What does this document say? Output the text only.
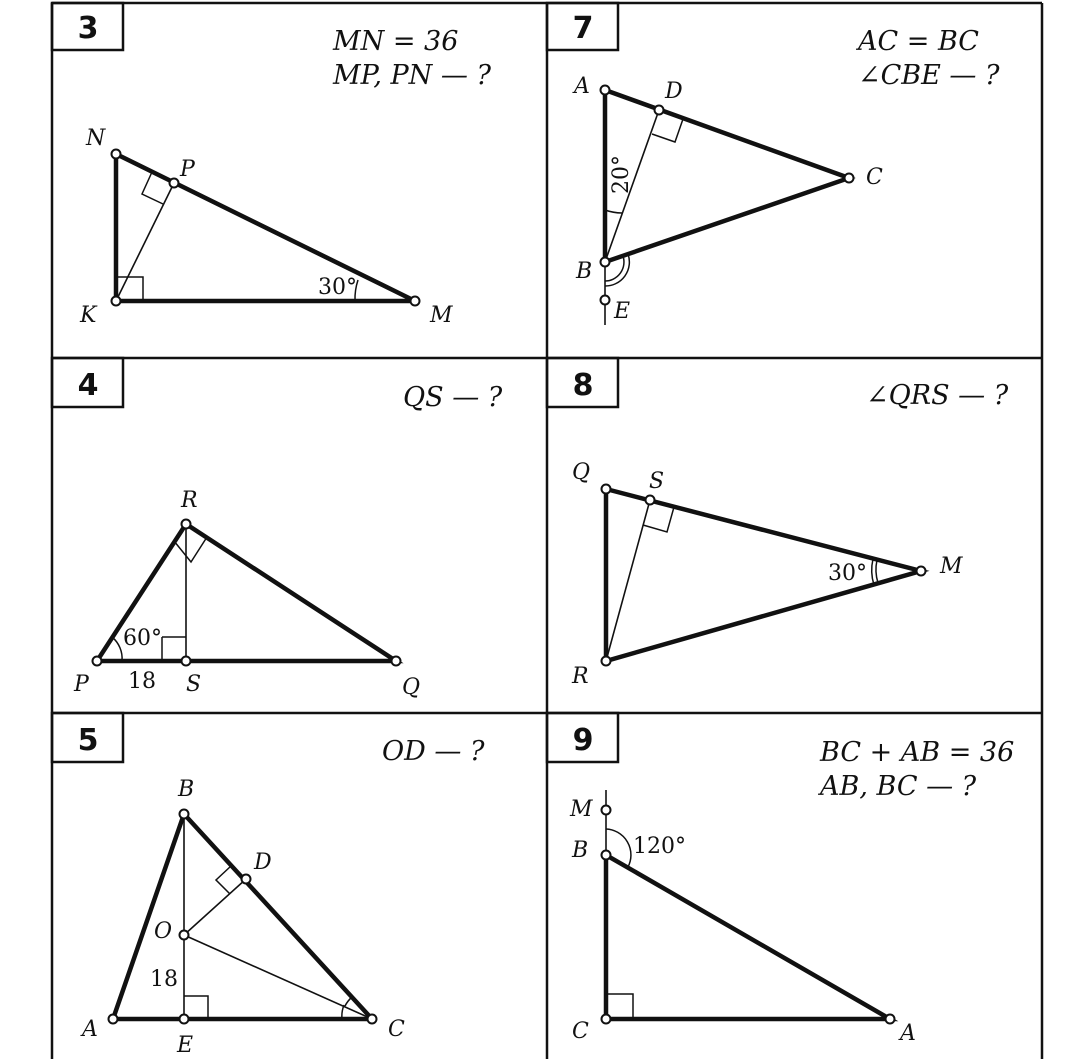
3	MN = 36
MP, PN — ?
N
P
K	M
30°
7	AC = BC
∠CBE — ?
A	D
C
B
E
20°
4	QS — ?
R
P	S	Q
60°
18
8	∠QRS — ?
Q	S
M
R
30°
5	OD — ?
B
D
O
A
E
C
18
9	BC + AB = 36
AB, BC — ?
M
B
C	A
120°
